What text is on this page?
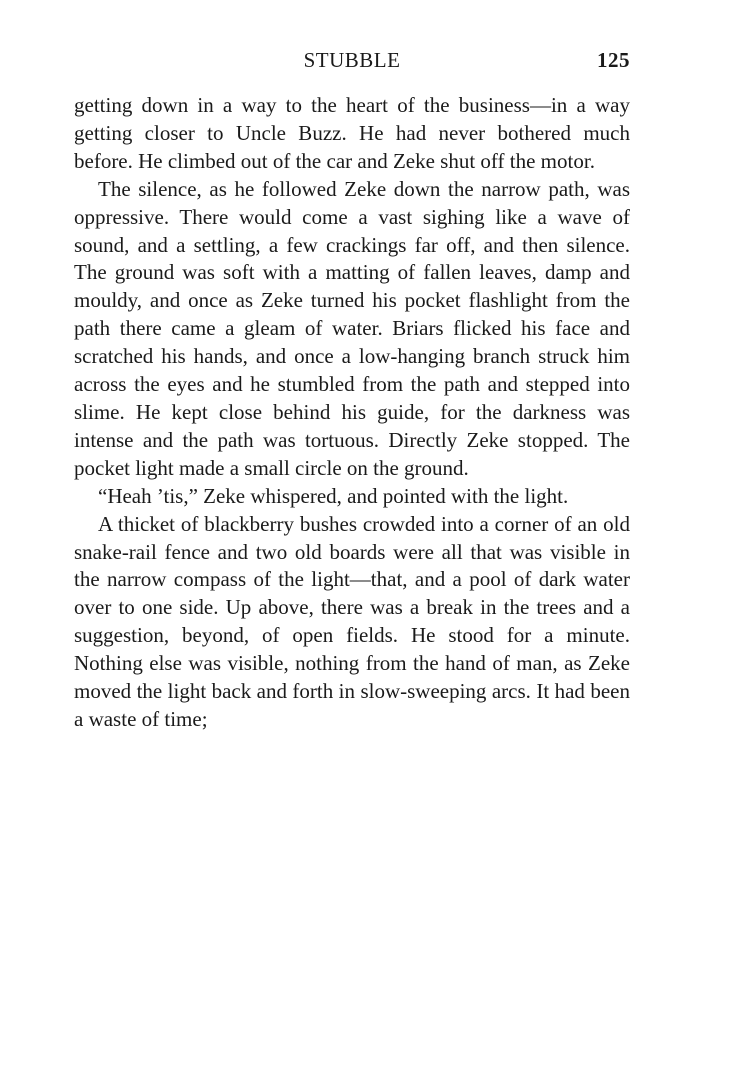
STUBBLE	125

getting down in a way to the heart of the business—in a way getting closer to Uncle Buzz. He had never bothered much before. He climbed out of the car and Zeke shut off the motor.

The silence, as he followed Zeke down the narrow path, was oppressive. There would come a vast sighing like a wave of sound, and a settling, a few crackings far off, and then silence. The ground was soft with a matting of fallen leaves, damp and mouldy, and once as Zeke turned his pocket flashlight from the path there came a gleam of water. Briars flicked his face and scratched his hands, and once a low-hanging branch struck him across the eyes and he stumbled from the path and stepped into slime. He kept close behind his guide, for the darkness was intense and the path was tortuous. Directly Zeke stopped. The pocket light made a small circle on the ground.

“Heah ’tis,” Zeke whispered, and pointed with the light.

A thicket of blackberry bushes crowded into a corner of an old snake-rail fence and two old boards were all that was visible in the narrow compass of the light—that, and a pool of dark water over to one side. Up above, there was a break in the trees and a suggestion, beyond, of open fields. He stood for a minute. Nothing else was visible, nothing from the hand of man, as Zeke moved the light back and forth in slow-sweeping arcs. It had been a waste of time;
